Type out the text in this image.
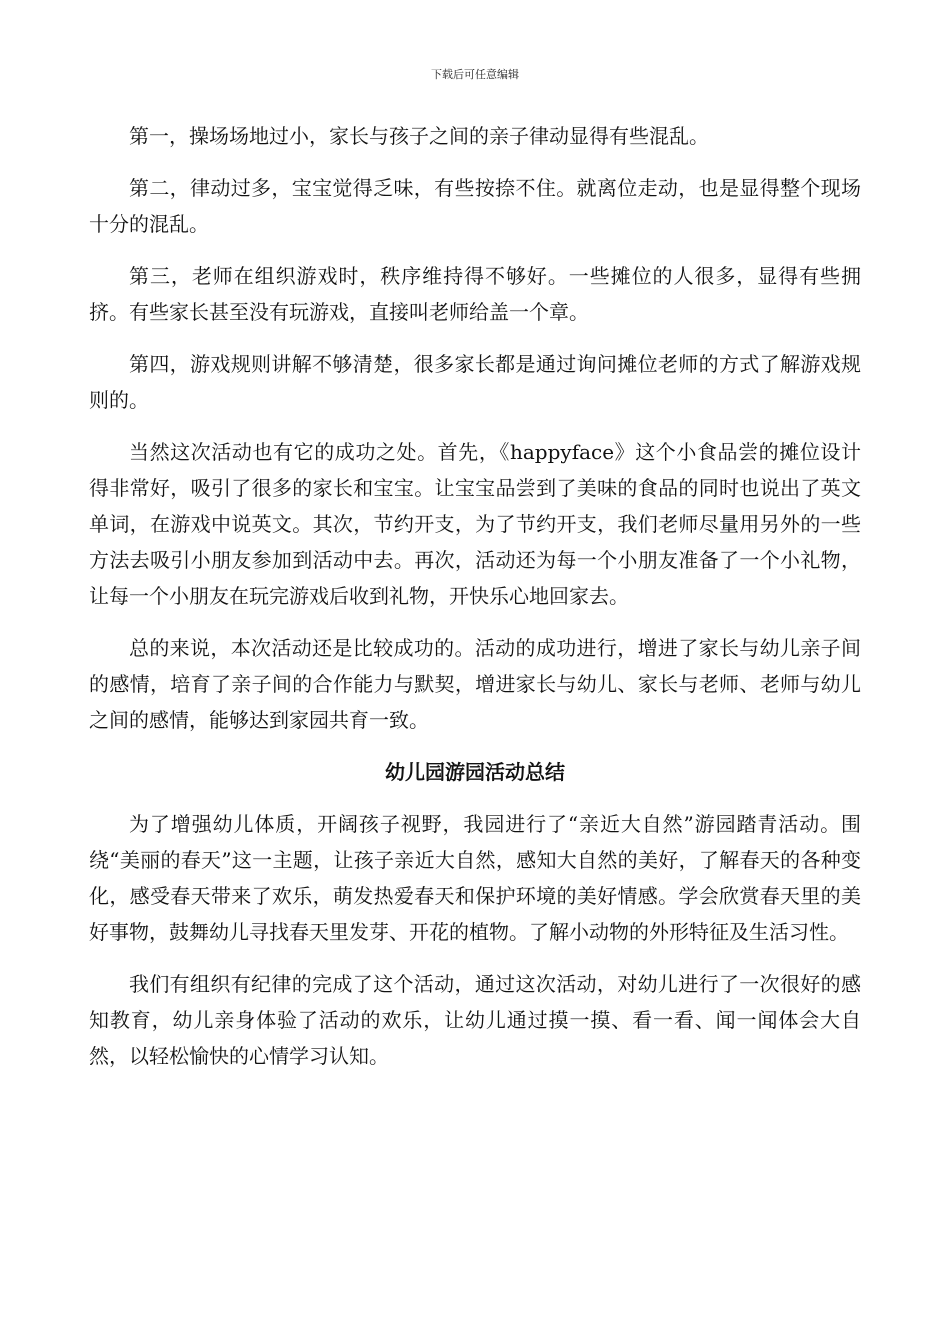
下载后可任意编辑

第一，操场场地过小，家长与孩子之间的亲子律动显得有些混乱。

第二，律动过多，宝宝觉得乏味，有些按捺不住。就离位走动，也是显得整个现场十分的混乱。

第三，老师在组织游戏时，秩序维持得不够好。一些摊位的人很多，显得有些拥挤。有些家长甚至没有玩游戏，直接叫老师给盖一个章。

第四，游戏规则讲解不够清楚，很多家长都是通过询问摊位老师的方式了解游戏规则的。

当然这次活动也有它的成功之处。首先，《happyface》这个小食品尝的摊位设计得非常好，吸引了很多的家长和宝宝。让宝宝品尝到了美味的食品的同时也说出了英文单词，在游戏中说英文。其次，节约开支，为了节约开支，我们老师尽量用另外的一些方法去吸引小朋友参加到活动中去。再次，活动还为每一个小朋友准备了一个小礼物，让每一个小朋友在玩完游戏后收到礼物，开快乐心地回家去。

总的来说，本次活动还是比较成功的。活动的成功进行，增进了家长与幼儿亲子间的感情，培育了亲子间的合作能力与默契，增进家长与幼儿、家长与老师、老师与幼儿之间的感情，能够达到家园共育一致。

幼儿园游园活动总结

为了增强幼儿体质，开阔孩子视野，我园进行了“亲近大自然”游园踏青活动。围绕“美丽的春天”这一主题，让孩子亲近大自然，感知大自然的美好，了解春天的各种变化，感受春天带来了欢乐，萌发热爱春天和保护环境的美好情感。学会欣赏春天里的美好事物，鼓舞幼儿寻找春天里发芽、开花的植物。了解小动物的外形特征及生活习性。

我们有组织有纪律的完成了这个活动，通过这次活动，对幼儿进行了一次很好的感知教育，幼儿亲身体验了活动的欢乐，让幼儿通过摸一摸、看一看、闻一闻体会大自然，以轻松愉快的心情学习认知。
